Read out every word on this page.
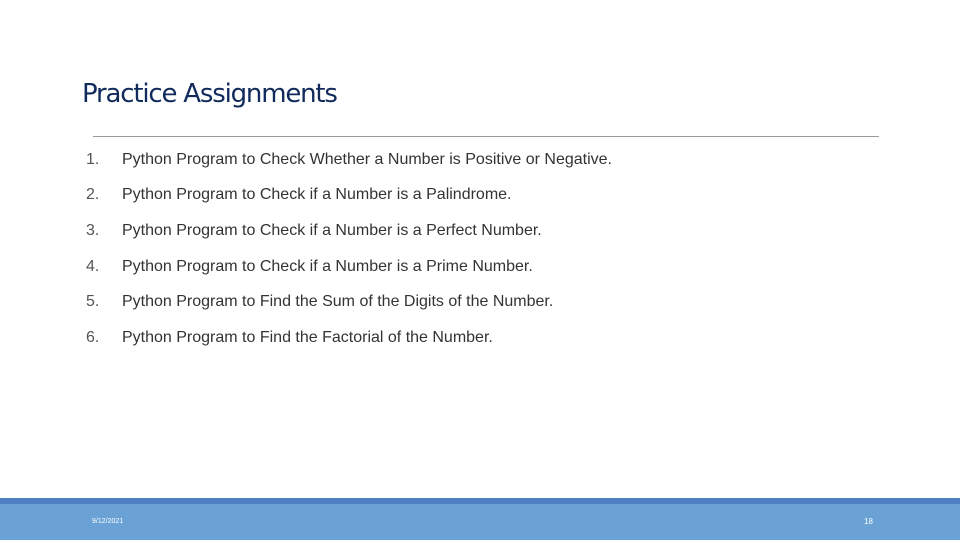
Practice Assignments
1. Python Program to Check Whether a Number is Positive or Negative.
2. Python Program to Check if a Number is a Palindrome.
3. Python Program to Check if a Number is a Perfect Number.
4. Python Program to Check if a Number is a Prime Number.
5. Python Program to Find the Sum of the Digits of the Number.
6. Python Program to Find the Factorial of the Number.
9/12/2021	18
